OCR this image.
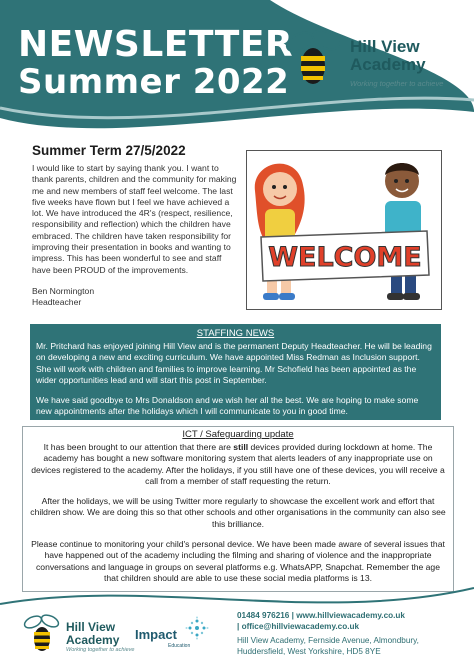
NEWSLETTER
Summer 2022
Hill View
Academy
Working together to achieve
Summer Term 27/5/2022
I would like to start by saying thank you. I want to thank parents, children and the community for making me and new members of staff feel welcome. The last five weeks have flown but I feel we have achieved a lot. We have introduced the 4R's (respect, resilience, responsibility and reflection) which the children have embraced. The children have taken responsibility for improving their presentation in books and wanting to impress. This has been wonderful to see and staff have been PROUD of the improvements.
Ben Normington
Headteacher
WELCOME
STAFFING NEWS
Mr. Pritchard has enjoyed joining Hill View and is the permanent Deputy Headteacher. He will be leading on developing a new and exciting curriculum. We have appointed Miss Redman as Inclusion support. She will work with children and families to improve learning. Mr Schofield has been appointed as the wider opportunities lead and will start this post in September.
We have said goodbye to Mrs Donaldson and we wish her all the best. We are hoping to make some new appointments after the holidays which I will communicate to you in good time.
ICT / Safeguarding update
It has been brought to our attention that there are still devices provided during lockdown at home. The academy has bought a new software monitoring system that alerts leaders of any inappropriate use on devices registered to the academy. After the holidays, if you still have one of these devices, you will receive a call from a member of staff requesting the return.
After the holidays, we will be using Twitter more regularly to showcase the excellent work and effort that children show. We are doing this so that other schools and other organisations in the community can also see this brilliance.
Please continue to monitoring your child's personal device. We have been made aware of several issues that have happened out of the academy including the filming and sharing of violence and the inappropriate conversations and language in groups on several platforms e.g. WhatsAPP, Snapchat. Remember the age that children should are able to use these social media platforms is 13.
Hill View
Academy
Working together to achieve
Impact
Education
01484 976216 | www.hillviewacademy.co.uk
| office@hillviewacademy.co.uk
Hill View Academy, Fernside Avenue, Almondbury,
Huddersfield, West Yorkshire, HD5 8YE
